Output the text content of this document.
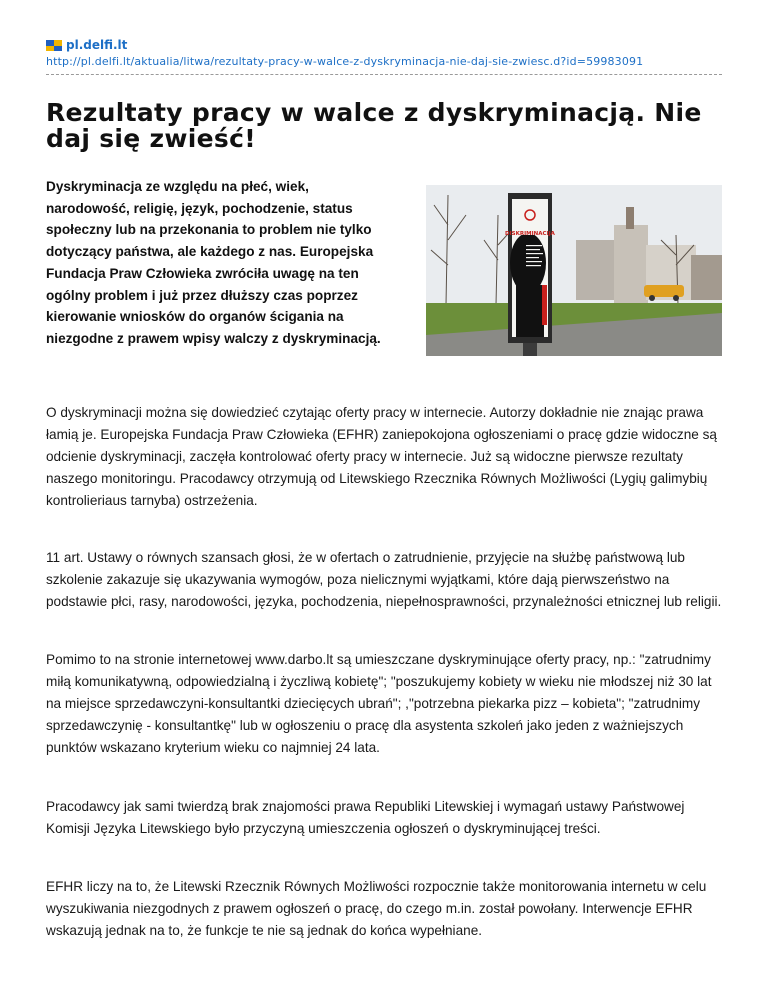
pl.delfi.lt
http://pl.delfi.lt/aktualia/litwa/rezultaty-pracy-w-walce-z-dyskryminacja-nie-daj-sie-zwiesc.d?id=59983091
Rezultaty pracy w walce z dyskryminacją. Nie daj się zwieść!

Dyskryminacja ze względu na płeć, wiek, narodowość, religię, język, pochodzenie, status społeczny lub na przekonania to problem nie tylko dotyczący państwa, ale każdego z nas. Europejska Fundacja Praw Człowieka zwróciła uwagę na ten ogólny problem i już przez dłuższy czas poprzez kierowanie wniosków do organów ścigania na niezgodne z prawem wpisy walczy z dyskryminacją.

DISKRIMINACIJA

O dyskryminacji można się dowiedzieć czytając oferty pracy w internecie. Autorzy dokładnie nie znając prawa łamią je. Europejska Fundacja Praw Człowieka (EFHR) zaniepokojona ogłoszeniami o pracę gdzie widoczne są odcienie dyskryminacji, zaczęła kontrolować oferty pracy w internecie. Już są widoczne pierwsze rezultaty naszego monitoringu. Pracodawcy otrzymują od Litewskiego Rzecznika Równych Możliwości (Lygių galimybių kontrolieriaus tarnyba) ostrzeżenia.

11 art. Ustawy o równych szansach głosi, że w ofertach o zatrudnienie, przyjęcie na służbę państwową lub szkolenie zakazuje się ukazywania wymogów, poza nielicznymi wyjątkami, które dają pierwszeństwo na podstawie płci, rasy, narodowości, języka, pochodzenia, niepełnosprawności, przynależności etnicznej lub religii.

Pomimo to na stronie internetowej www.darbo.lt są umieszczane dyskryminujące oferty pracy, np.: "zatrudnimy miłą komunikatywną, odpowiedzialną i życzliwą kobietę"; "poszukujemy kobiety w wieku nie młodszej niż 30 lat na miejsce sprzedawczyni-konsultantki dziecięcych ubrań"; ,"potrzebna piekarka pizz – kobieta"; "zatrudnimy sprzedawczynię - konsultantkę" lub w ogłoszeniu o pracę dla asystenta szkoleń jako jeden z ważniejszych punktów wskazano kryterium wieku co najmniej 24 lata.

Pracodawcy jak sami twierdzą brak znajomości prawa Republiki Litewskiej i wymagań ustawy Państwowej Komisji Języka Litewskiego było przyczyną umieszczenia ogłoszeń o dyskryminującej treści.

EFHR liczy na to, że Litewski Rzecznik Równych Możliwości rozpocznie także monitorowania internetu w celu wyszukiwania niezgodnych z prawem ogłoszeń o pracę, do czego m.in. został powołany. Interwencje EFHR wskazują jednak na to, że funkcje te nie są jednak do końca wypełniane.
